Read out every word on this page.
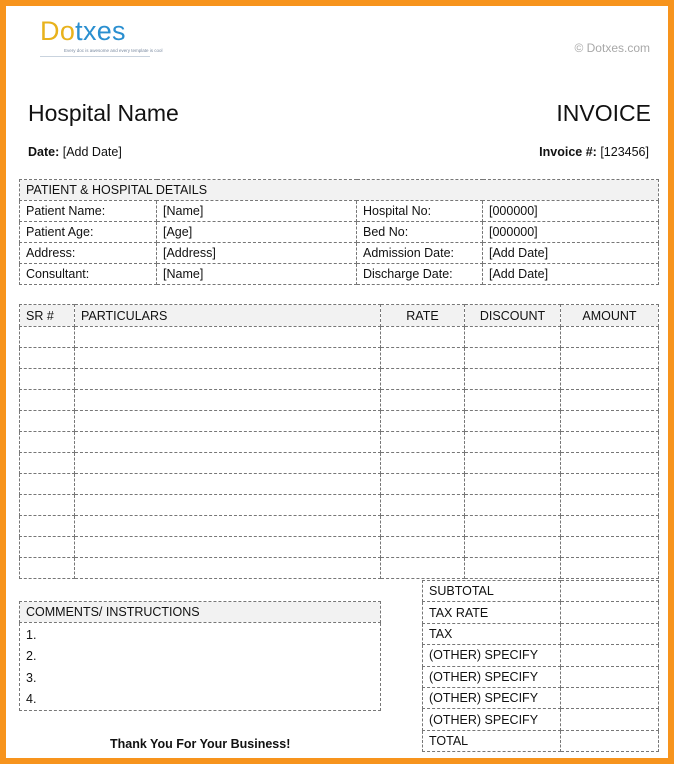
Dotxes
Every doc is awesome and every template is cool	© Dotxes.com
Hospital Name	INVOICE
Date: [Add Date]	Invoice #: [123456]
PATIENT & HOSPITAL DETAILS			
Patient Name:	[Name]	Hospital No:	[000000]
Patient Age:	[Age]	Bed No:	[000000]
Address:	[Address]	Admission Date:	[Add Date]
Consultant:	[Name]	Discharge Date:	[Add Date]
SR #	PARTICULARS	RATE	DISCOUNT	AMOUNT

COMMENTS/ INSTRUCTIONS

1.
2.
3.
4.
SUBTOTAL	
TAX RATE	
TAX	
(OTHER) SPECIFY	
(OTHER) SPECIFY	
(OTHER) SPECIFY	
(OTHER) SPECIFY	
TOTAL	
Thank You For Your Business!
